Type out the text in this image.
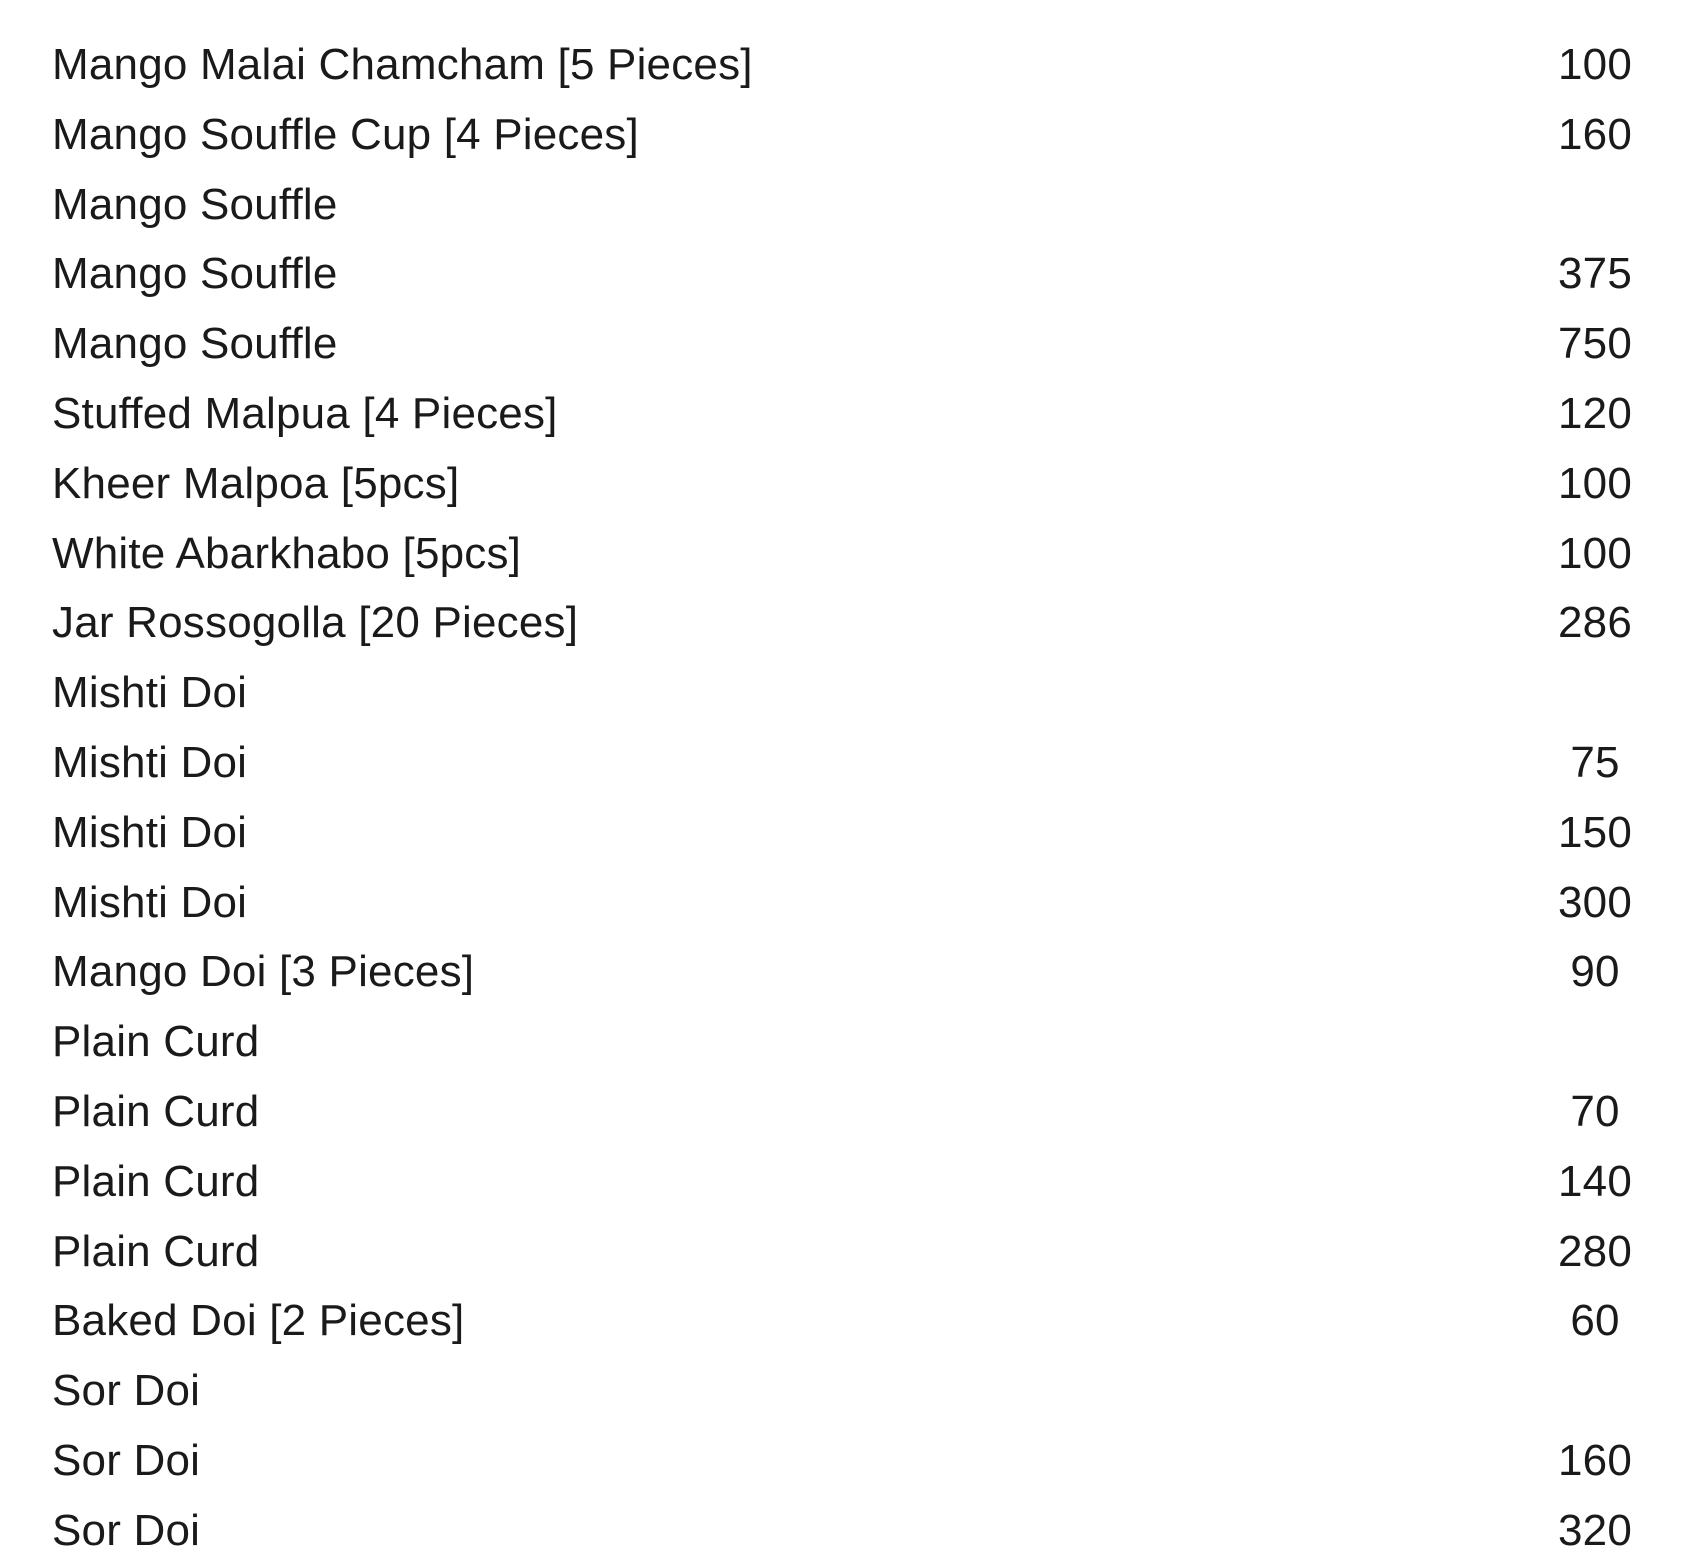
Mango Malai Chamcham [5 Pieces]	100
Mango Souffle Cup [4 Pieces]	160
Mango Souffle
Mango Souffle	375
Mango Souffle	750
Stuffed Malpua [4 Pieces]	120
Kheer Malpoa [5pcs]	100
White Abarkhabo [5pcs]	100
Jar Rossogolla [20 Pieces]	286
Mishti Doi
Mishti Doi	75
Mishti Doi	150
Mishti Doi	300
Mango Doi [3 Pieces]	90
Plain Curd
Plain Curd	70
Plain Curd	140
Plain Curd	280
Baked Doi [2 Pieces]	60
Sor Doi
Sor Doi	160
Sor Doi	320
